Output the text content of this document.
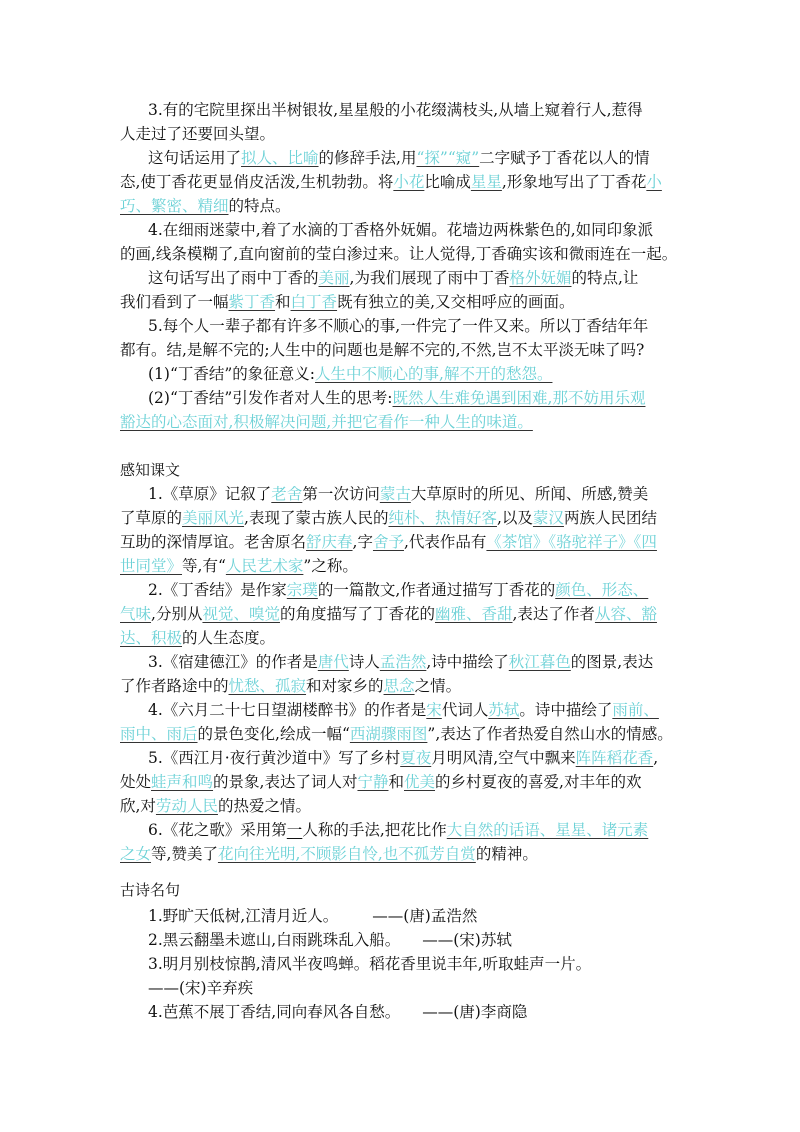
3.有的宅院里探出半树银妆,星星般的小花缀满枝头,从墙上窥着行人,惹得
人走过了还要回头望。
这句话运用了拟人、比喻的修辞手法,用“探”“窥”二字赋予丁香花以人的情
态,使丁香花更显俏皮活泼,生机勃勃。将小花比喻成星星,形象地写出了丁香花小
巧、繁密、精细的特点。
4.在细雨迷蒙中,着了水滴的丁香格外妩媚。花墙边两株紫色的,如同印象派
的画,线条模糊了,直向窗前的莹白渗过来。让人觉得,丁香确实该和微雨连在一起。
这句话写出了雨中丁香的美丽,为我们展现了雨中丁香格外妩媚的特点,让
我们看到了一幅紫丁香和白丁香既有独立的美,又交相呼应的画面。
5.每个人一辈子都有许多不顺心的事,一件完了一件又来。所以丁香结年年
都有。结,是解不完的;人生中的问题也是解不完的,不然,岂不太平淡无味了吗?
(1)“丁香结”的象征意义:人生中不顺心的事,解不开的愁怨。
(2)“丁香结”引发作者对人生的思考:既然人生难免遇到困难,那不妨用乐观
豁达的心态面对,积极解决问题,并把它看作一种人生的味道。
感知课文
1.《草原》记叙了老舍第一次访问蒙古大草原时的所见、所闻、所感,赞美
了草原的美丽风光,表现了蒙古族人民的纯朴、热情好客,以及蒙汉两族人民团结
互助的深情厚谊。老舍原名舒庆春,字舍予,代表作品有《茶馆》《骆驼祥子》《四
世同堂》等,有“人民艺术家”之称。
2.《丁香结》是作家宗璞的一篇散文,作者通过描写丁香花的颜色、形态、
气味,分别从视觉、嗅觉的角度描写了丁香花的幽雅、香甜,表达了作者从容、豁
达、积极的人生态度。
3.《宿建德江》的作者是唐代诗人孟浩然,诗中描绘了秋江暮色的图景,表达
了作者路途中的忧愁、孤寂和对家乡的思念之情。
4.《六月二十七日望湖楼醉书》的作者是宋代词人苏轼。诗中描绘了雨前、
雨中、雨后的景色变化,绘成一幅“西湖骤雨图”,表达了作者热爱自然山水的情感。
5.《西江月·夜行黄沙道中》写了乡村夏夜月明风清,空气中飘来阵阵稻花香,
处处蛙声和鸣的景象,表达了词人对宁静和优美的乡村夏夜的喜爱,对丰年的欢
欣,对劳动人民的热爱之情。
6.《花之歌》采用第一人称的手法,把花比作大自然的话语、星星、诸元素
之女等,赞美了花向往光明,不顾影自怜,也不孤芳自赏的精神。
古诗名句
1.野旷天低树,江清月近人。 ——(唐)孟浩然
2.黑云翻墨未遮山,白雨跳珠乱入船。 ——(宋)苏轼
3.明月别枝惊鹊,清风半夜鸣蝉。稻花香里说丰年,听取蛙声一片。
——(宋)辛弃疾
4.芭蕉不展丁香结,同向春风各自愁。 ——(唐)李商隐
